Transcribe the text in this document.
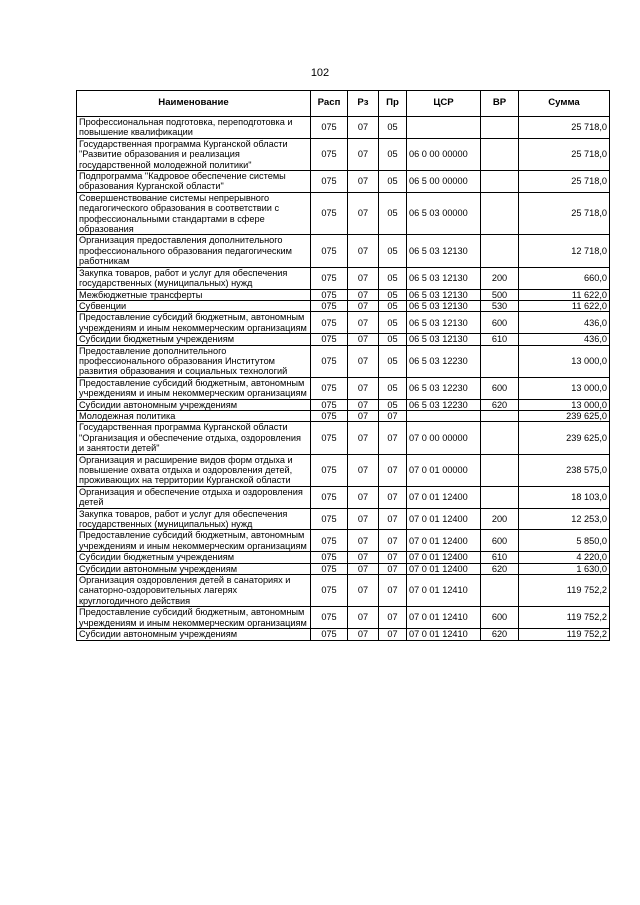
102
Наименование	Расп	Рз	Пр	ЦСР	ВР	Сумма
Профессиональная подготовка, переподготовка и повышение квалификации	075	07	05			25 718,0
Государственная программа Курганской области "Развитие образования и реализация государственной молодежной политики"	075	07	05	06 0 00 00000		25 718,0
Подпрограмма "Кадровое обеспечение системы образования Курганской области"	075	07	05	06 5 00 00000		25 718,0
Совершенствование системы непрерывного педагогического образования в соответствии с профессиональными стандартами в сфере образования	075	07	05	06 5 03 00000		25 718,0
Организация предоставления дополнительного профессионального образования педагогическим работникам	075	07	05	06 5 03 12130		12 718,0
Закупка товаров, работ и услуг для обеспечения государственных (муниципальных) нужд	075	07	05	06 5 03 12130	200	660,0
Межбюджетные трансферты	075	07	05	06 5 03 12130	500	11 622,0
Субвенции	075	07	05	06 5 03 12130	530	11 622,0
Предоставление субсидий бюджетным, автономным учреждениям и иным некоммерческим организациям	075	07	05	06 5 03 12130	600	436,0
Субсидии бюджетным учреждениям	075	07	05	06 5 03 12130	610	436,0
Предоставление дополнительного профессионального образования Институтом развития образования и социальных технологий	075	07	05	06 5 03 12230		13 000,0
Предоставление субсидий бюджетным, автономным учреждениям и иным некоммерческим организациям	075	07	05	06 5 03 12230	600	13 000,0
Субсидии автономным учреждениям	075	07	05	06 5 03 12230	620	13 000,0
Молодежная политика	075	07	07			239 625,0
Государственная программа Курганской области "Организация и обеспечение отдыха, оздоровления и занятости детей"	075	07	07	07 0 00 00000		239 625,0
Организация и расширение видов форм отдыха и повышение охвата отдыха и оздоровления детей, проживающих на территории Курганской области	075	07	07	07 0 01 00000		238 575,0
Организация и обеспечение отдыха и оздоровления детей	075	07	07	07 0 01 12400		18 103,0
Закупка товаров, работ и услуг для обеспечения государственных (муниципальных) нужд	075	07	07	07 0 01 12400	200	12 253,0
Предоставление субсидий бюджетным, автономным учреждениям и иным некоммерческим организациям	075	07	07	07 0 01 12400	600	5 850,0
Субсидии бюджетным учреждениям	075	07	07	07 0 01 12400	610	4 220,0
Субсидии автономным учреждениям	075	07	07	07 0 01 12400	620	1 630,0
Организация оздоровления детей в санаториях и санаторно-оздоровительных лагерях круглогодичного действия	075	07	07	07 0 01 12410		119 752,2
Предоставление субсидий бюджетным, автономным учреждениям и иным некоммерческим организациям	075	07	07	07 0 01 12410	600	119 752,2
Субсидии автономным учреждениям	075	07	07	07 0 01 12410	620	119 752,2
